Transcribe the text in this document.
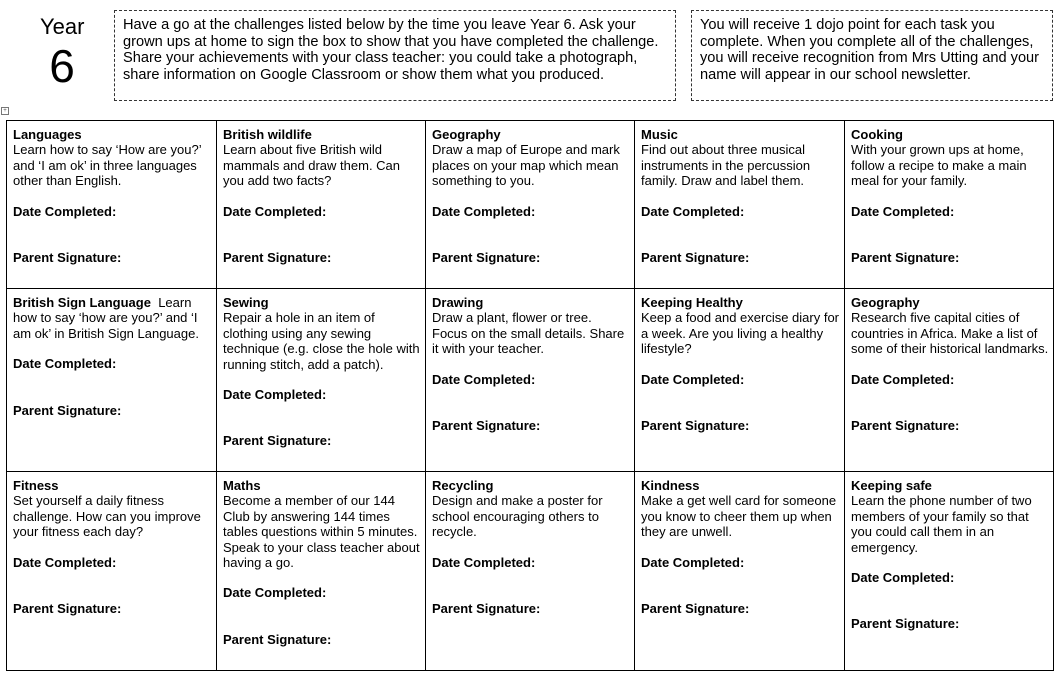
Year
6
Have a go at the challenges listed below by the time you leave Year 6. Ask your grown ups at home to sign the box to show that you have completed the challenge. Share your achievements with your class teacher: you could take a photograph, share information on Google Classroom or show them what you produced.
You will receive 1 dojo point for each task you complete. When you complete all of the challenges, you will receive recognition from Mrs Utting and your name will appear in our school newsletter.
+
Languages
Learn how to say ‘How are you?’ and ‘I am ok’ in three languages other than English.
Date Completed:
Parent Signature:	British wildlife
Learn about five British wild mammals and draw them. Can you add two facts?
Date Completed:
Parent Signature:	Geography
Draw a map of Europe and mark places on your map which mean something to you.
Date Completed:
Parent Signature:	Music
Find out about three musical instruments in the percussion family. Draw and label them.
Date Completed:
Parent Signature:	Cooking
With your grown ups at home, follow a recipe to make a main meal for your family.
Date Completed:
Parent Signature:

British Sign Language Learn how to say ‘how are you?’ and ‘I am ok’ in British Sign Language.
Date Completed:
Parent Signature:	Sewing
Repair a hole in an item of clothing using any sewing technique (e.g. close the hole with running stitch, add a patch).
Date Completed:
Parent Signature:	Drawing
Draw a plant, flower or tree. Focus on the small details. Share it with your teacher.
Date Completed:
Parent Signature:	Keeping Healthy
Keep a food and exercise diary for a week. Are you living a healthy lifestyle?
Date Completed:
Parent Signature:	Geography
Research five capital cities of countries in Africa. Make a list of some of their historical landmarks.
Date Completed:
Parent Signature:

Fitness
Set yourself a daily fitness challenge. How can you improve your fitness each day?
Date Completed:
Parent Signature:	Maths
Become a member of our 144 Club by answering 144 times tables questions within 5 minutes. Speak to your class teacher about having a go.
Date Completed:
Parent Signature:	Recycling
Design and make a poster for school encouraging others to recycle.
Date Completed:
Parent Signature:	Kindness
Make a get well card for someone you know to cheer them up when they are unwell.
Date Completed:
Parent Signature:	Keeping safe
Learn the phone number of two members of your family so that you could call them in an emergency.
Date Completed:
Parent Signature:
